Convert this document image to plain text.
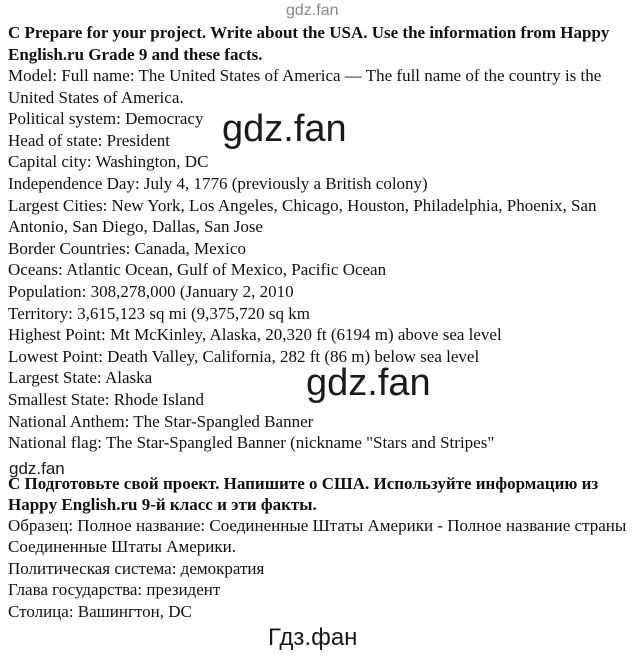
gdz.fan

C Prepare for your project. Write about the USA. Use the information from Happy English.ru Grade 9 and these facts.

Model: Full name: The United States of America — The full name of the country is the United States of America.

Political system: Democracy

Head of state: President

Capital city: Washington, DC

Independence Day: July 4, 1776 (previously a British colony)

Largest Cities: New York, Los Angeles, Chicago, Houston, Philadelphia, Phoenix, San Antonio, San Diego, Dallas, San Jose

Border Countries: Canada, Mexico

Oceans: Atlantic Ocean, Gulf of Mexico, Pacific Ocean

Population: 308,278,000 (January 2, 2010

Territory: 3,615,123 sq mi (9,375,720 sq km

Highest Point: Mt McKinley, Alaska, 20,320 ft (6194 m) above sea level

Lowest Point: Death Valley, California, 282 ft (86 m) below sea level

Largest State: Alaska

Smallest State: Rhode Island

National Anthem: The Star-Spangled Banner

National flag: The Star-Spangled Banner (nickname "Stars and Stripes"

gdz.fan
gdz.fan
gdz.fan

С Подготовьте свой проект. Напишите о США. Используйте информацию из Happy English.ru 9-й класс и эти факты.

Образец: Полное название: Соединенные Штаты Америки - Полное название страны Соединенные Штаты Америки.

Политическая система: демократия

Глава государства: президент

Столица: Вашингтон, DC

Гдз.фан
